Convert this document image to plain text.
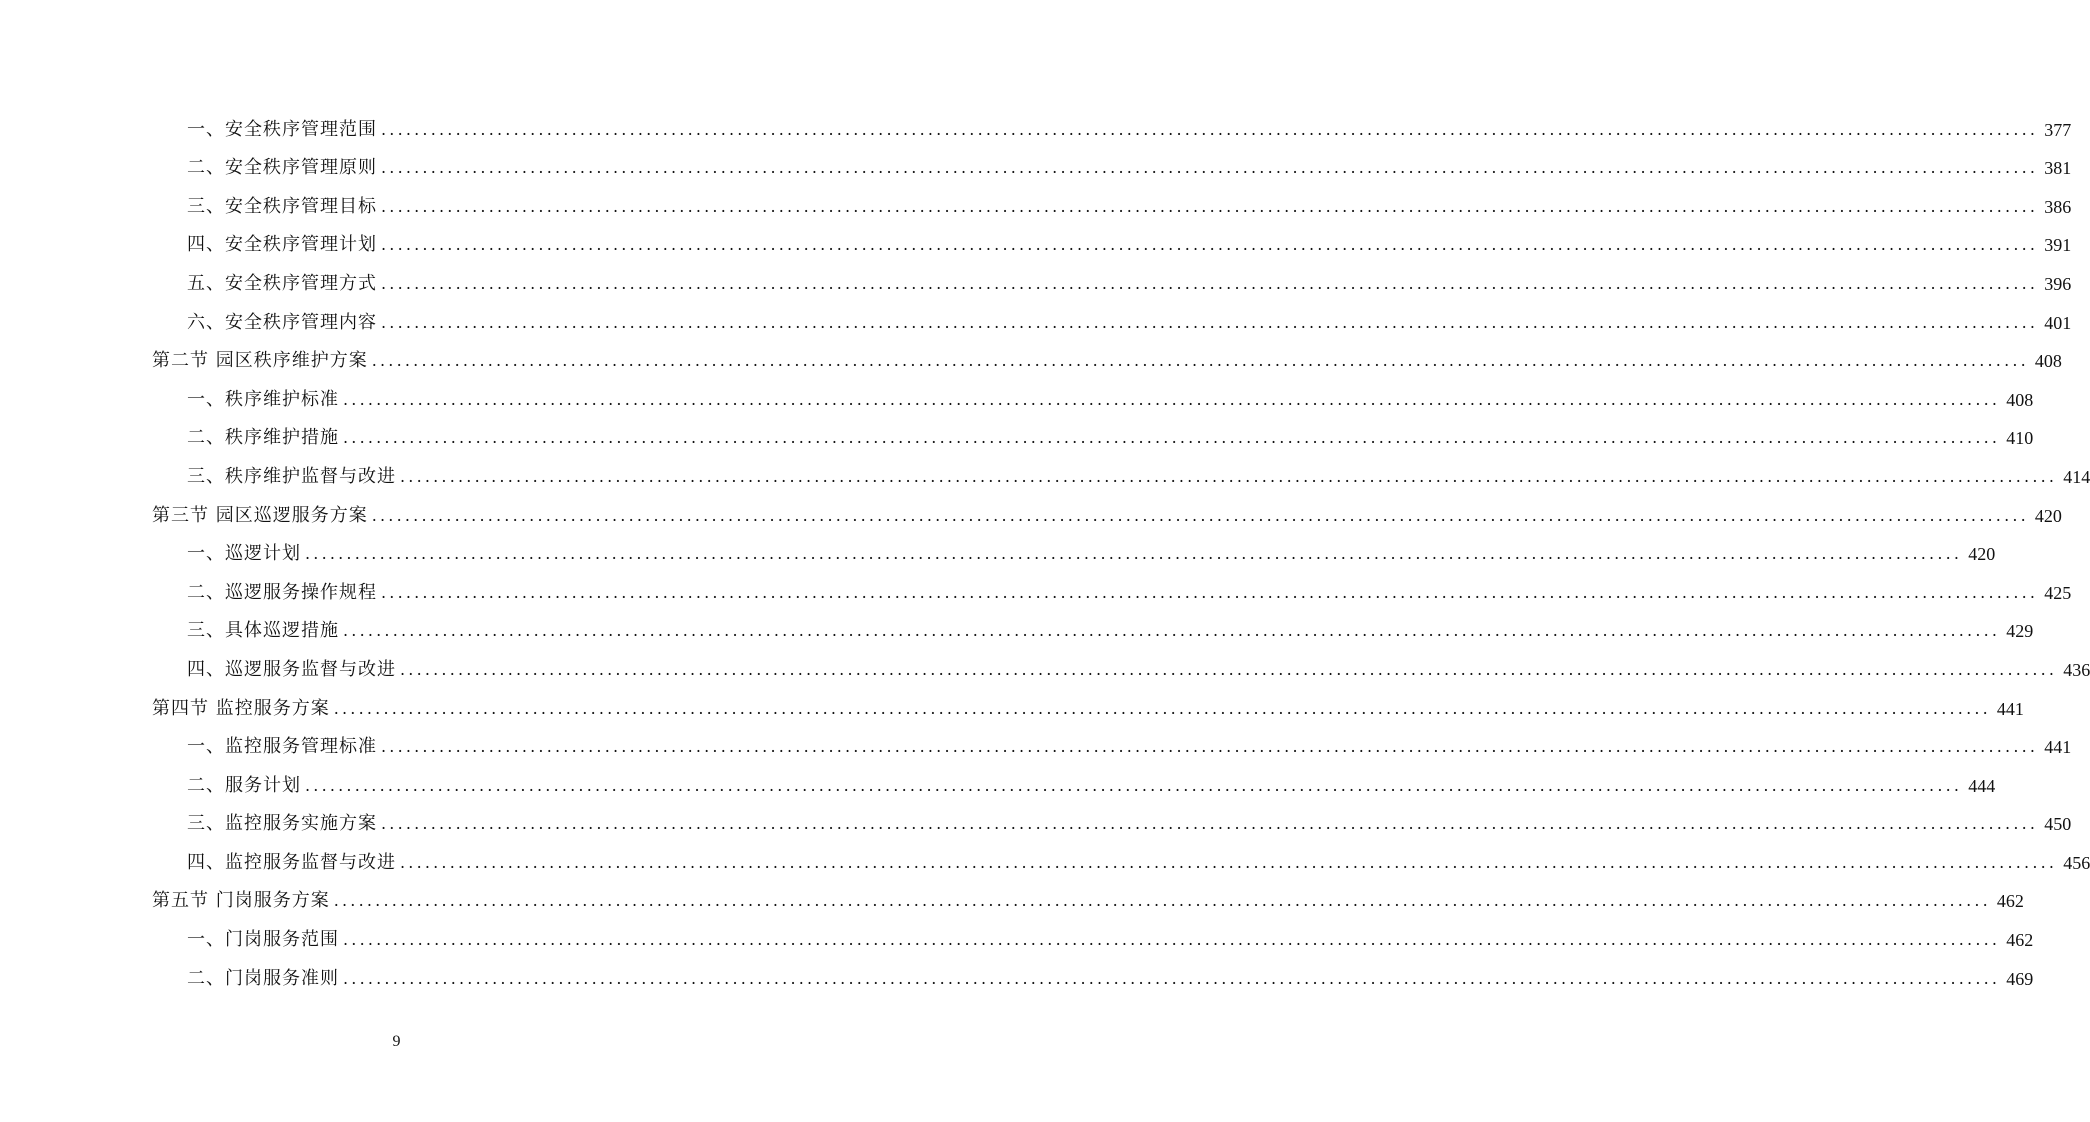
一、安全秩序管理范围 ........................................................................................................................................................................................................ 377
二、安全秩序管理原则 ........................................................................................................................................................................................................ 381
三、安全秩序管理目标 ........................................................................................................................................................................................................ 386
四、安全秩序管理计划 ........................................................................................................................................................................................................ 391
五、安全秩序管理方式 ........................................................................................................................................................................................................ 396
六、安全秩序管理内容 ........................................................................................................................................................................................................ 401
第二节 园区秩序维护方案 ........................................................................................................................................................................................................ 408
一、秩序维护标准 ........................................................................................................................................................................................................ 408
二、秩序维护措施 ........................................................................................................................................................................................................ 410
三、秩序维护监督与改进 ........................................................................................................................................................................................................ 414
第三节 园区巡逻服务方案 ........................................................................................................................................................................................................ 420
一、巡逻计划 ........................................................................................................................................................................................................ 420
二、巡逻服务操作规程 ........................................................................................................................................................................................................ 425
三、具体巡逻措施 ........................................................................................................................................................................................................ 429
四、巡逻服务监督与改进 ........................................................................................................................................................................................................ 436
第四节 监控服务方案 ........................................................................................................................................................................................................ 441
一、监控服务管理标准 ........................................................................................................................................................................................................ 441
二、服务计划 ........................................................................................................................................................................................................ 444
三、监控服务实施方案 ........................................................................................................................................................................................................ 450
四、监控服务监督与改进 ........................................................................................................................................................................................................ 456
第五节 门岗服务方案 ........................................................................................................................................................................................................ 462
一、门岗服务范围 ........................................................................................................................................................................................................ 462
二、门岗服务准则 ........................................................................................................................................................................................................ 469
9
